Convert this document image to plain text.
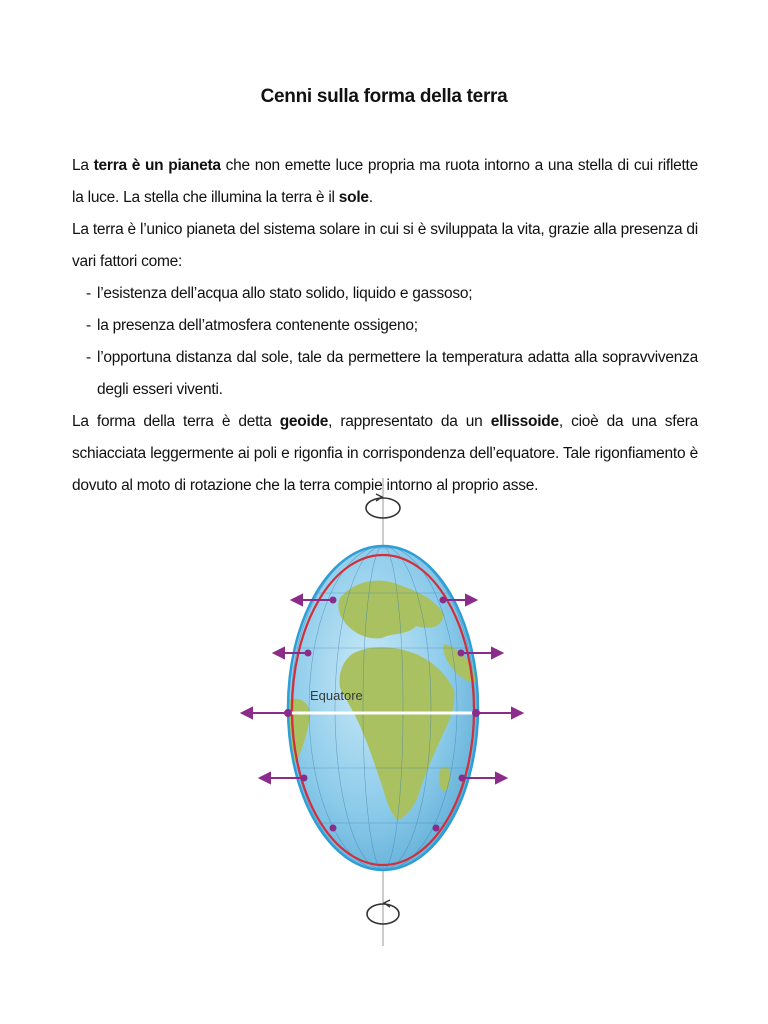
Cenni sulla forma della terra

La terra è un pianeta che non emette luce propria ma ruota intorno a una stella di cui riflette la luce. La stella che illumina la terra è il sole.

La terra è l’unico pianeta del sistema solare in cui si è sviluppata la vita, grazie alla presenza di vari fattori come:

- l’esistenza dell’acqua allo stato solido, liquido e gassoso;
- la presenza dell’atmosfera contenente ossigeno;
- l’opportuna distanza dal sole, tale da permettere la temperatura adatta alla sopravvivenza degli esseri viventi.

La forma della terra è detta geoide, rappresentato da un ellissoide, cioè da una sfera schiacciata leggermente ai poli e rigonfia in corrispondenza dell’equatore. Tale rigonfiamento è dovuto al moto di rotazione che la terra compie intorno al proprio asse.

Equatore
